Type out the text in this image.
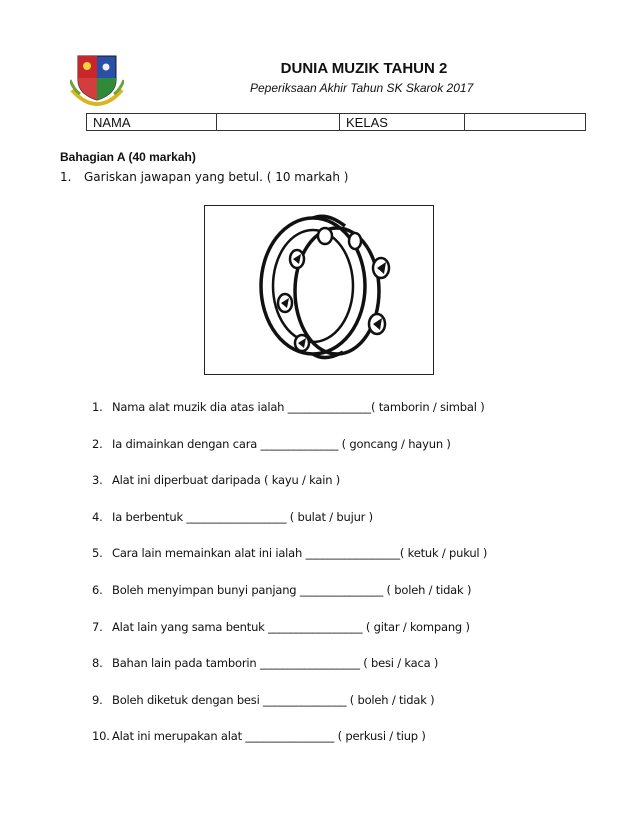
DUNIA MUZIK TAHUN 2
Peperiksaan Akhir Tahun SK Skarok 2017
NAMA		KELAS	
Bahagian A (40 markah)
1. Gariskan jawapan yang betul. ( 10 markah )
1. Nama alat muzik dia atas ialah _______________( tamborin / simbal )
2. Ia dimainkan dengan cara ______________ ( goncang / hayun )
3. Alat ini diperbuat daripada ( kayu / kain )
4. Ia berbentuk __________________ ( bulat / bujur )
5. Cara lain memainkan alat ini ialah _________________( ketuk / pukul )
6. Boleh menyimpan bunyi panjang _______________ ( boleh / tidak )
7. Alat lain yang sama bentuk _________________ ( gitar / kompang )
8. Bahan lain pada tamborin __________________ ( besi / kaca )
9. Boleh diketuk dengan besi _______________ ( boleh / tidak )
10. Alat ini merupakan alat ________________ ( perkusi / tiup )
